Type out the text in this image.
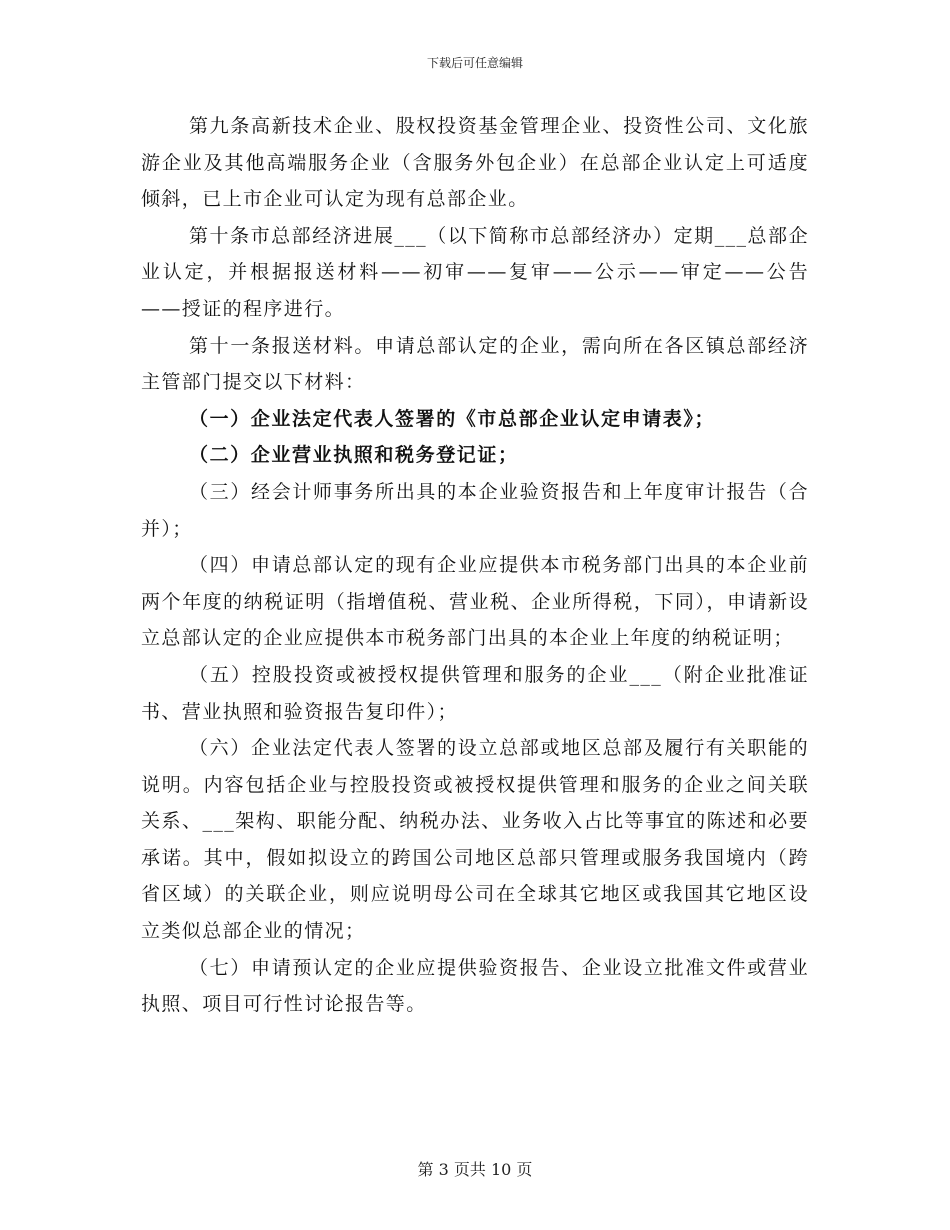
下载后可任意编辑

第九条高新技术企业、股权投资基金管理企业、投资性公司、文化旅游企业及其他高端服务企业（含服务外包企业）在总部企业认定上可适度倾斜，已上市企业可认定为现有总部企业。

第十条市总部经济进展___（以下简称市总部经济办）定期___总部企业认定，并根据报送材料——初审——复审——公示——审定——公告——授证的程序进行。

第十一条报送材料。申请总部认定的企业，需向所在各区镇总部经济主管部门提交以下材料：

（一）企业法定代表人签署的《市总部企业认定申请表》；

（二）企业营业执照和税务登记证；

（三）经会计师事务所出具的本企业验资报告和上年度审计报告（合并）；

（四）申请总部认定的现有企业应提供本市税务部门出具的本企业前两个年度的纳税证明（指增值税、营业税、企业所得税，下同），申请新设立总部认定的企业应提供本市税务部门出具的本企业上年度的纳税证明；

（五）控股投资或被授权提供管理和服务的企业___（附企业批准证书、营业执照和验资报告复印件）；

（六）企业法定代表人签署的设立总部或地区总部及履行有关职能的说明。内容包括企业与控股投资或被授权提供管理和服务的企业之间关联关系、___架构、职能分配、纳税办法、业务收入占比等事宜的陈述和必要承诺。其中，假如拟设立的跨国公司地区总部只管理或服务我国境内（跨省区域）的关联企业，则应说明母公司在全球其它地区或我国其它地区设立类似总部企业的情况；

（七）申请预认定的企业应提供验资报告、企业设立批准文件或营业执照、项目可行性讨论报告等。

第 3 页共 10 页
